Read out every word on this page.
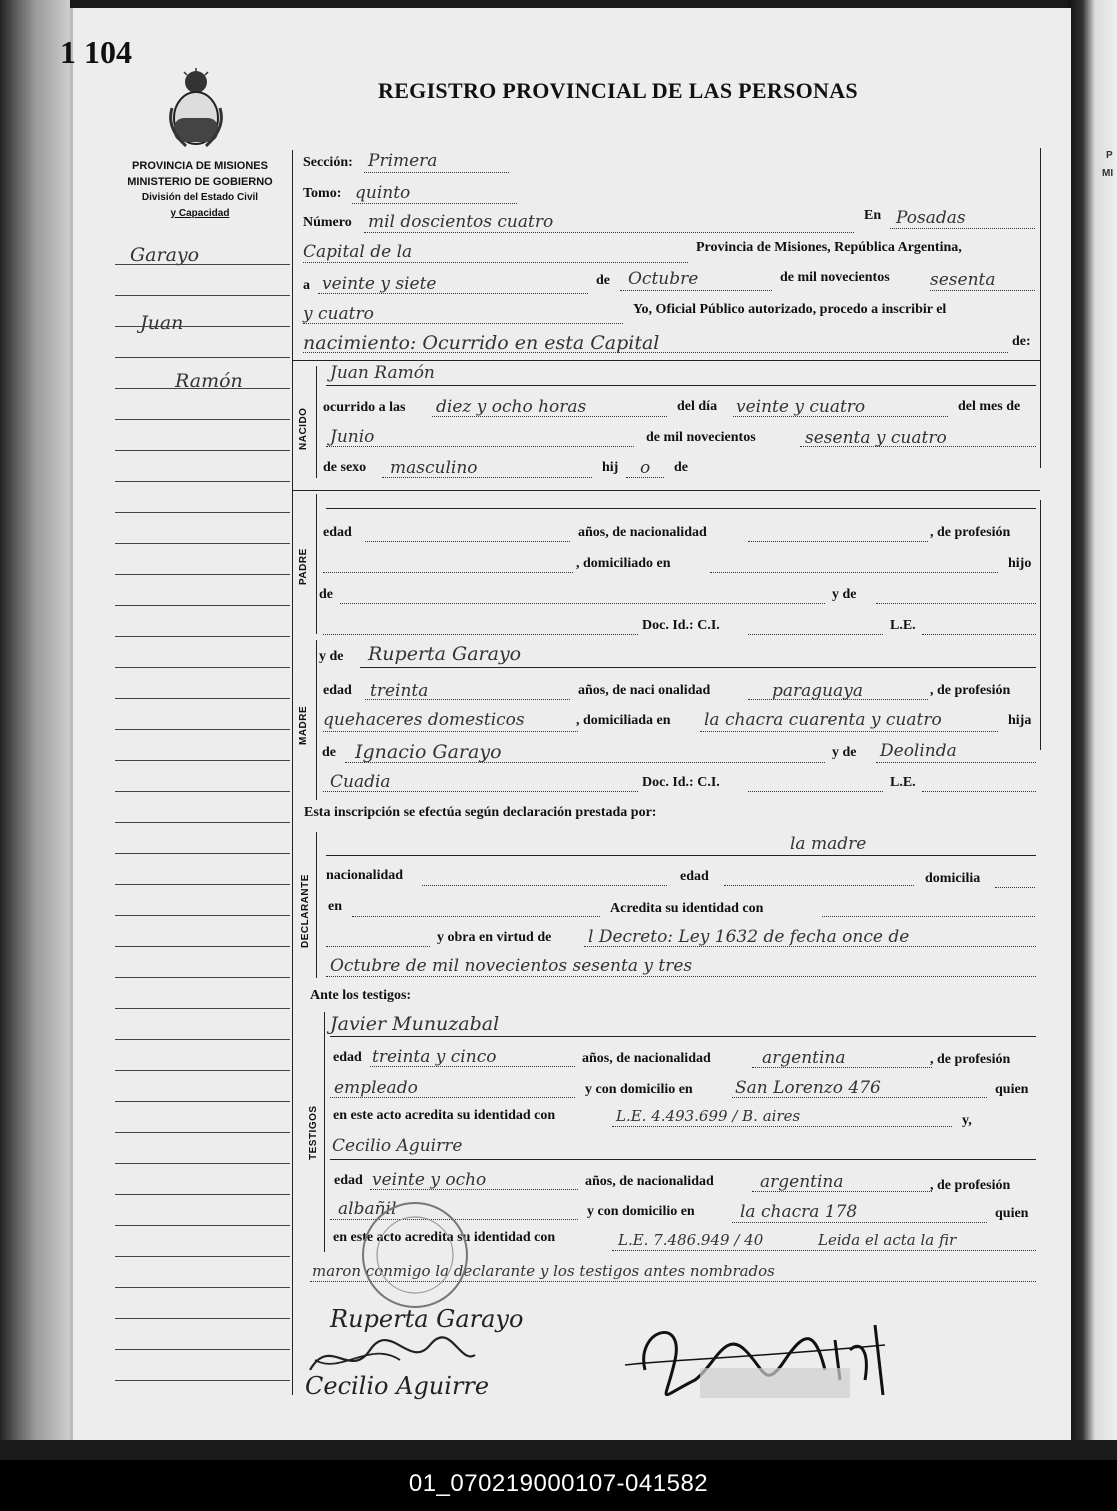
P
MI
1 104
REGISTRO PROVINCIAL DE LAS PERSONAS
PROVINCIA DE MISIONES
MINISTERIO DE GOBIERNO
División del Estado Civil
y Capacidad
Garayo
Juan
Ramón
Sección: Primera
Tomo: quinto
Número mil doscientos cuatro	En Posadas
Capital de la	Provincia de Misiones, República Argentina,
a veinte y siete	de Octubre	de mil novecientos sesenta
y cuatro	Yo, Oficial Público autorizado, procedo a inscribir el
nacimiento: Ocurrido en esta Capital	de:
NACIDO
Juan Ramón
ocurrido a las diez y ocho horas	del día veinte y cuatro	del mes de
Junio	de mil novecientos	sesenta y cuatro
de sexo masculino	hij o de
PADRE
edad	años, de nacionalidad	, de profesión
, domiciliado en	hijo
de	y de
Doc. Id.: C.I.	L.E.
MADRE
y de Ruperta Garayo
edad treinta	años, de naci onalidad	paraguaya	, de profesión
quehaceres domesticos	, domiciliada en la chacra cuarenta y cuatro	hija
de Ignacio Garayo	y de Deolinda
Cuadia	Doc. Id.: C.I.	L.E.
Esta inscripción se efectúa según declaración prestada por:
DECLARANTE
la madre
nacionalidad	edad	domicilia
en	Acredita su identidad con
y obra en virtud de l Decreto: Ley 1632 de fecha once de
Octubre de mil novecientos sesenta y tres
Ante los testigos:
TESTIGOS
Javier Munuzabal
edad treinta y cinco	años, de nacionalidad	argentina	, de profesión
empleado	y con domicilio en San Lorenzo 476	quien
en este acto acredita su identidad con	L.E. 4.493.699 / B. aires	y,
Cecilio Aguirre
edad veinte y ocho	años, de nacionalidad	argentina	, de profesión
albañil	y con domicilio en	la chacra 178	quien
en este acto acredita su identidad con	L.E. 7.486.949 / 40	Leida el acta la fir
maron conmigo la declarante y los testigos antes nombrados
Ruperta Garayo
Cecilio Aguirre
01_070219000107-041582
